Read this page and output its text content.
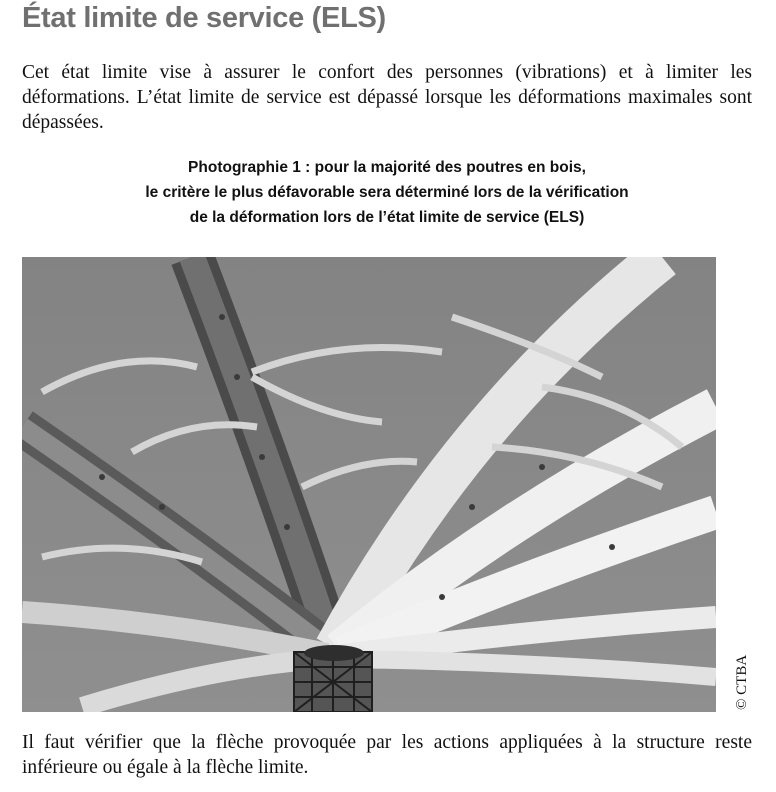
État limite de service (ELS)

Cet état limite vise à assurer le confort des personnes (vibrations) et à limiter les déformations. L’état limite de service est dépassé lorsque les déformations maximales sont dépassées.

Photographie 1 : pour la majorité des poutres en bois,
le critère le plus défavorable sera déterminé lors de la vérification
de la déformation lors de l’état limite de service (ELS)
© CTBA

Il faut vérifier que la flèche provoquée par les actions appliquées à la structure reste inférieure ou égale à la flèche limite.
